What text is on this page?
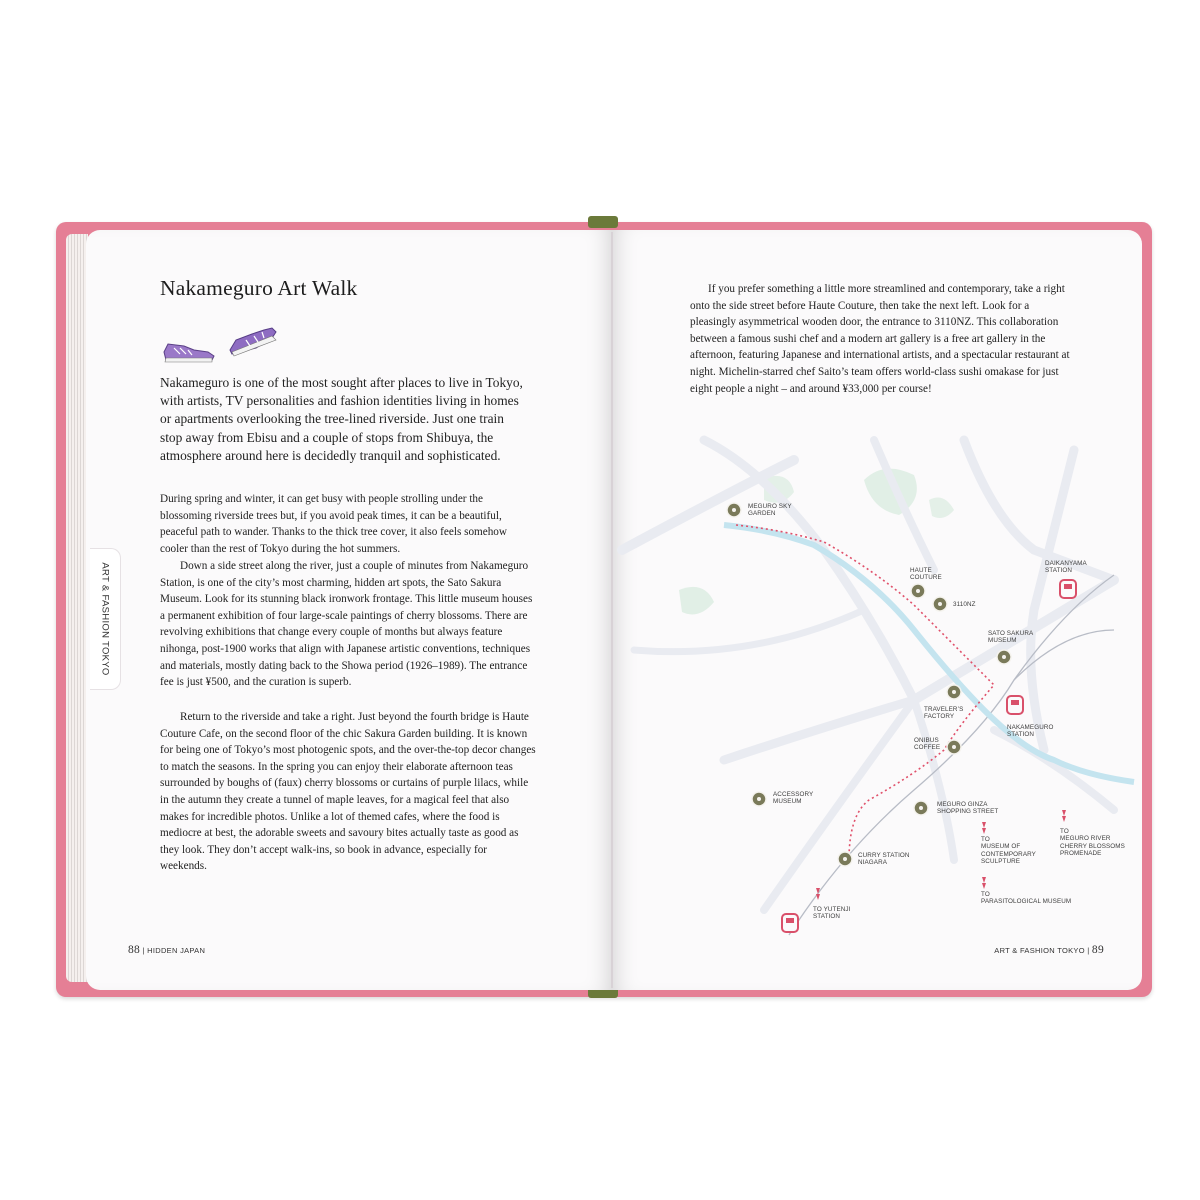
ART & FASHION TOKYO
Nakameguro Art Walk

Nakameguro is one of the most sought after places to live in Tokyo, with artists, TV personalities and fashion identities living in homes or apartments overlooking the tree-lined riverside. Just one train stop away from Ebisu and a couple of stops from Shibuya, the atmosphere around here is decidedly tranquil and sophisticated.

During spring and winter, it can get busy with people strolling under the blossoming riverside trees but, if you avoid peak times, it can be a beautiful, peaceful path to wander. Thanks to the thick tree cover, it also feels somehow cooler than the rest of Tokyo during the hot summers.

Down a side street along the river, just a couple of minutes from Nakameguro Station, is one of the city’s most charming, hidden art spots, the Sato Sakura Museum. Look for its stunning black ironwork frontage. This little museum houses a permanent exhibition of four large-scale paintings of cherry blossoms. There are revolving exhibitions that change every couple of months but always feature nihonga, post-1900 works that align with Japanese artistic conventions, techniques and materials, mostly dating back to the Showa period (1926–1989). The entrance fee is just ¥500, and the curation is superb.

Return to the riverside and take a right. Just beyond the fourth bridge is Haute Couture Cafe, on the second floor of the chic Sakura Garden building. It is known for being one of Tokyo’s most photogenic spots, and the over-the-top decor changes to match the seasons. In the spring you can enjoy their elaborate afternoon teas surrounded by boughs of (faux) cherry blossoms or curtains of purple lilacs, while in the autumn they create a tunnel of maple leaves, for a magical feel that also makes for incredible photos. Unlike a lot of themed cafes, where the food is mediocre at best, the adorable sweets and savoury bites actually taste as good as they look. They don’t accept walk-ins, so book in advance, especially for weekends.

88 | HIDDEN JAPAN

If you prefer something a little more streamlined and contemporary, take a right onto the side street before Haute Couture, then take the next left. Look for a pleasingly asymmetrical wooden door, the entrance to 3110NZ. This collaboration between a famous sushi chef and a modern art gallery is a free art gallery in the afternoon, featuring Japanese and international artists, and a spectacular restaurant at night. Michelin-starred chef Saito’s team offers world-class sushi omakase for just eight people a night – and around ¥33,000 per course!

MEGURO SKY
GARDEN
HAUTE
COUTURE
3110NZ
DAIKANYAMA
STATION
SATO SAKURA
MUSEUM
TRAVELER’S
FACTORY
NAKAMEGURO
STATION
ONIBUS
COFFEE
ACCESSORY
MUSEUM	MEGURO GINZA
SHOPPING STREET
TO
MUSEUM OF
CONTEMPORARY
SCULPTURE
TO
MEGURO RIVER
CHERRY BLOSSOMS
PROMENADE
CURRY STATION
NIAGARA
TO
PARASITOLOGICAL MUSEUM
TO YUTENJI
STATION
ART & FASHION TOKYO | 89
